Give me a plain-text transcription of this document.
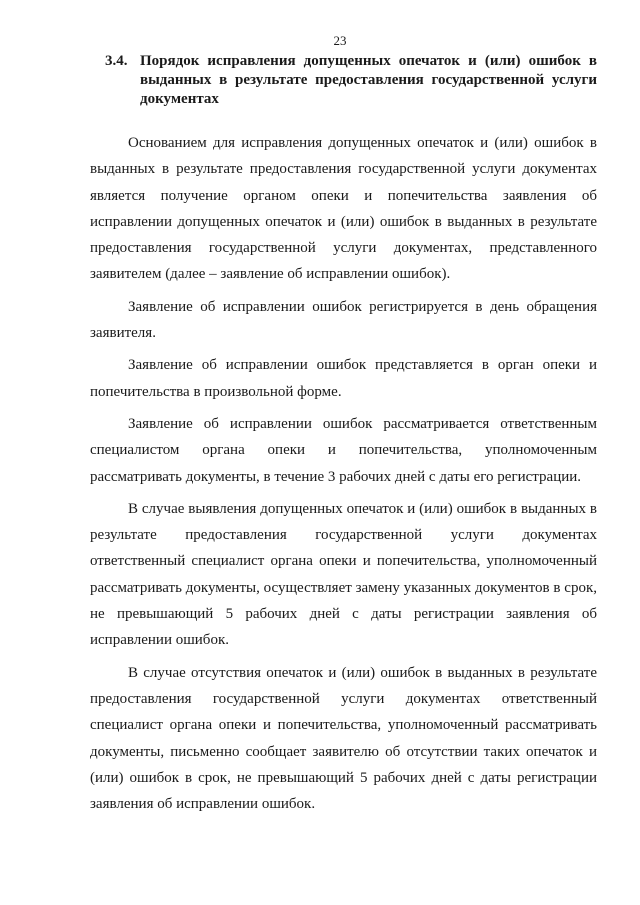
23
3.4. Порядок исправления допущенных опечаток и (или) ошибок в выданных в результате предоставления государственной услуги документах

Основанием для исправления допущенных опечаток и (или) ошибок в выданных в результате предоставления государственной услуги документах является получение органом опеки и попечительства заявления об исправлении допущенных опечаток и (или) ошибок в выданных в результате предоставления государственной услуги документах, представленного заявителем (далее – заявление об исправлении ошибок).

Заявление об исправлении ошибок регистрируется в день обращения заявителя.

Заявление об исправлении ошибок представляется в орган опеки и попечительства в произвольной форме.

Заявление об исправлении ошибок рассматривается ответственным специалистом органа опеки и попечительства, уполномоченным рассматривать документы, в течение 3 рабочих дней с даты его регистрации.

В случае выявления допущенных опечаток и (или) ошибок в выданных в результате предоставления государственной услуги документах ответственный специалист органа опеки и попечительства, уполномоченный рассматривать документы, осуществляет замену указанных документов в срок, не превышающий 5 рабочих дней с даты регистрации заявления об исправлении ошибок.

В случае отсутствия опечаток и (или) ошибок в выданных в результате предоставления государственной услуги документах ответственный специалист органа опеки и попечительства, уполномоченный рассматривать документы, письменно сообщает заявителю об отсутствии таких опечаток и (или) ошибок в срок, не превышающий 5 рабочих дней с даты регистрации заявления об исправлении ошибок.
